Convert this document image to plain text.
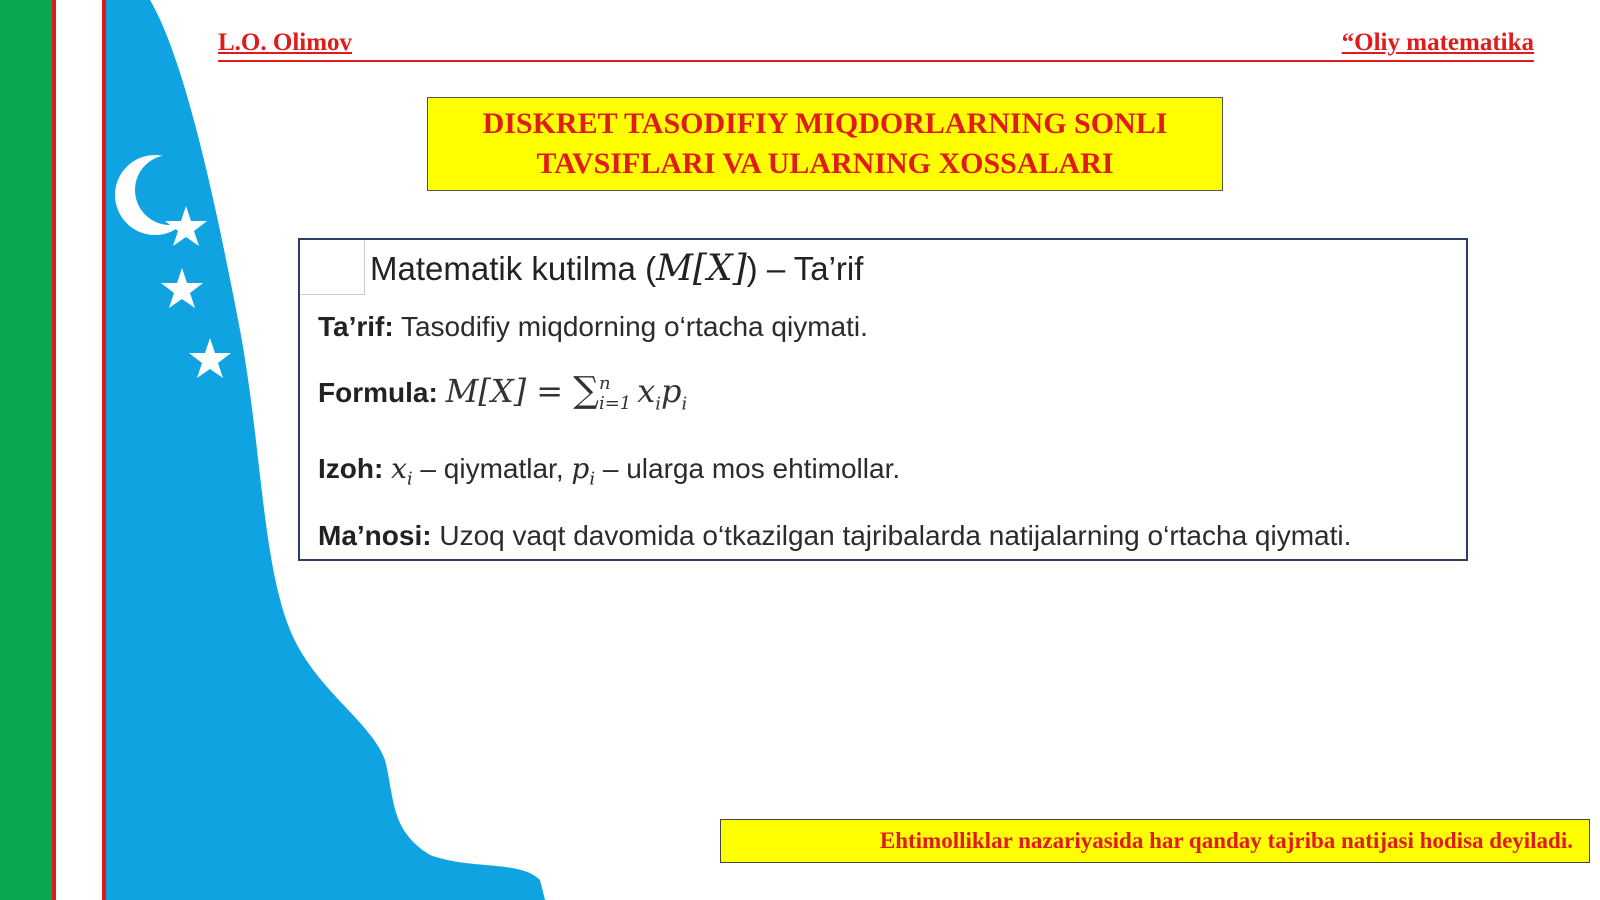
L.O. Olimov	“Oliy matematika
DISKRET TASODIFIY MIQDORLARNING SONLI
TAVSIFLARI VA ULARNING XOSSALARI
Matematik kutilma (M[X]) – Ta’rif
Ta’rif: Tasodifiy miqdorning o‘rtacha qiymati.
Formula: M[X] = ∑ n
i=1 $x_ip_i$
Izoh: $x_i$ – qiymatlar, $p_i$ – ularga mos ehtimollar.
Ma’nosi: Uzoq vaqt davomida o‘tkazilgan tajribalarda natijalarning o‘rtacha qiymati.
Ehtimolliklar nazariyasida har qanday tajriba natijasi hodisa deyiladi.
